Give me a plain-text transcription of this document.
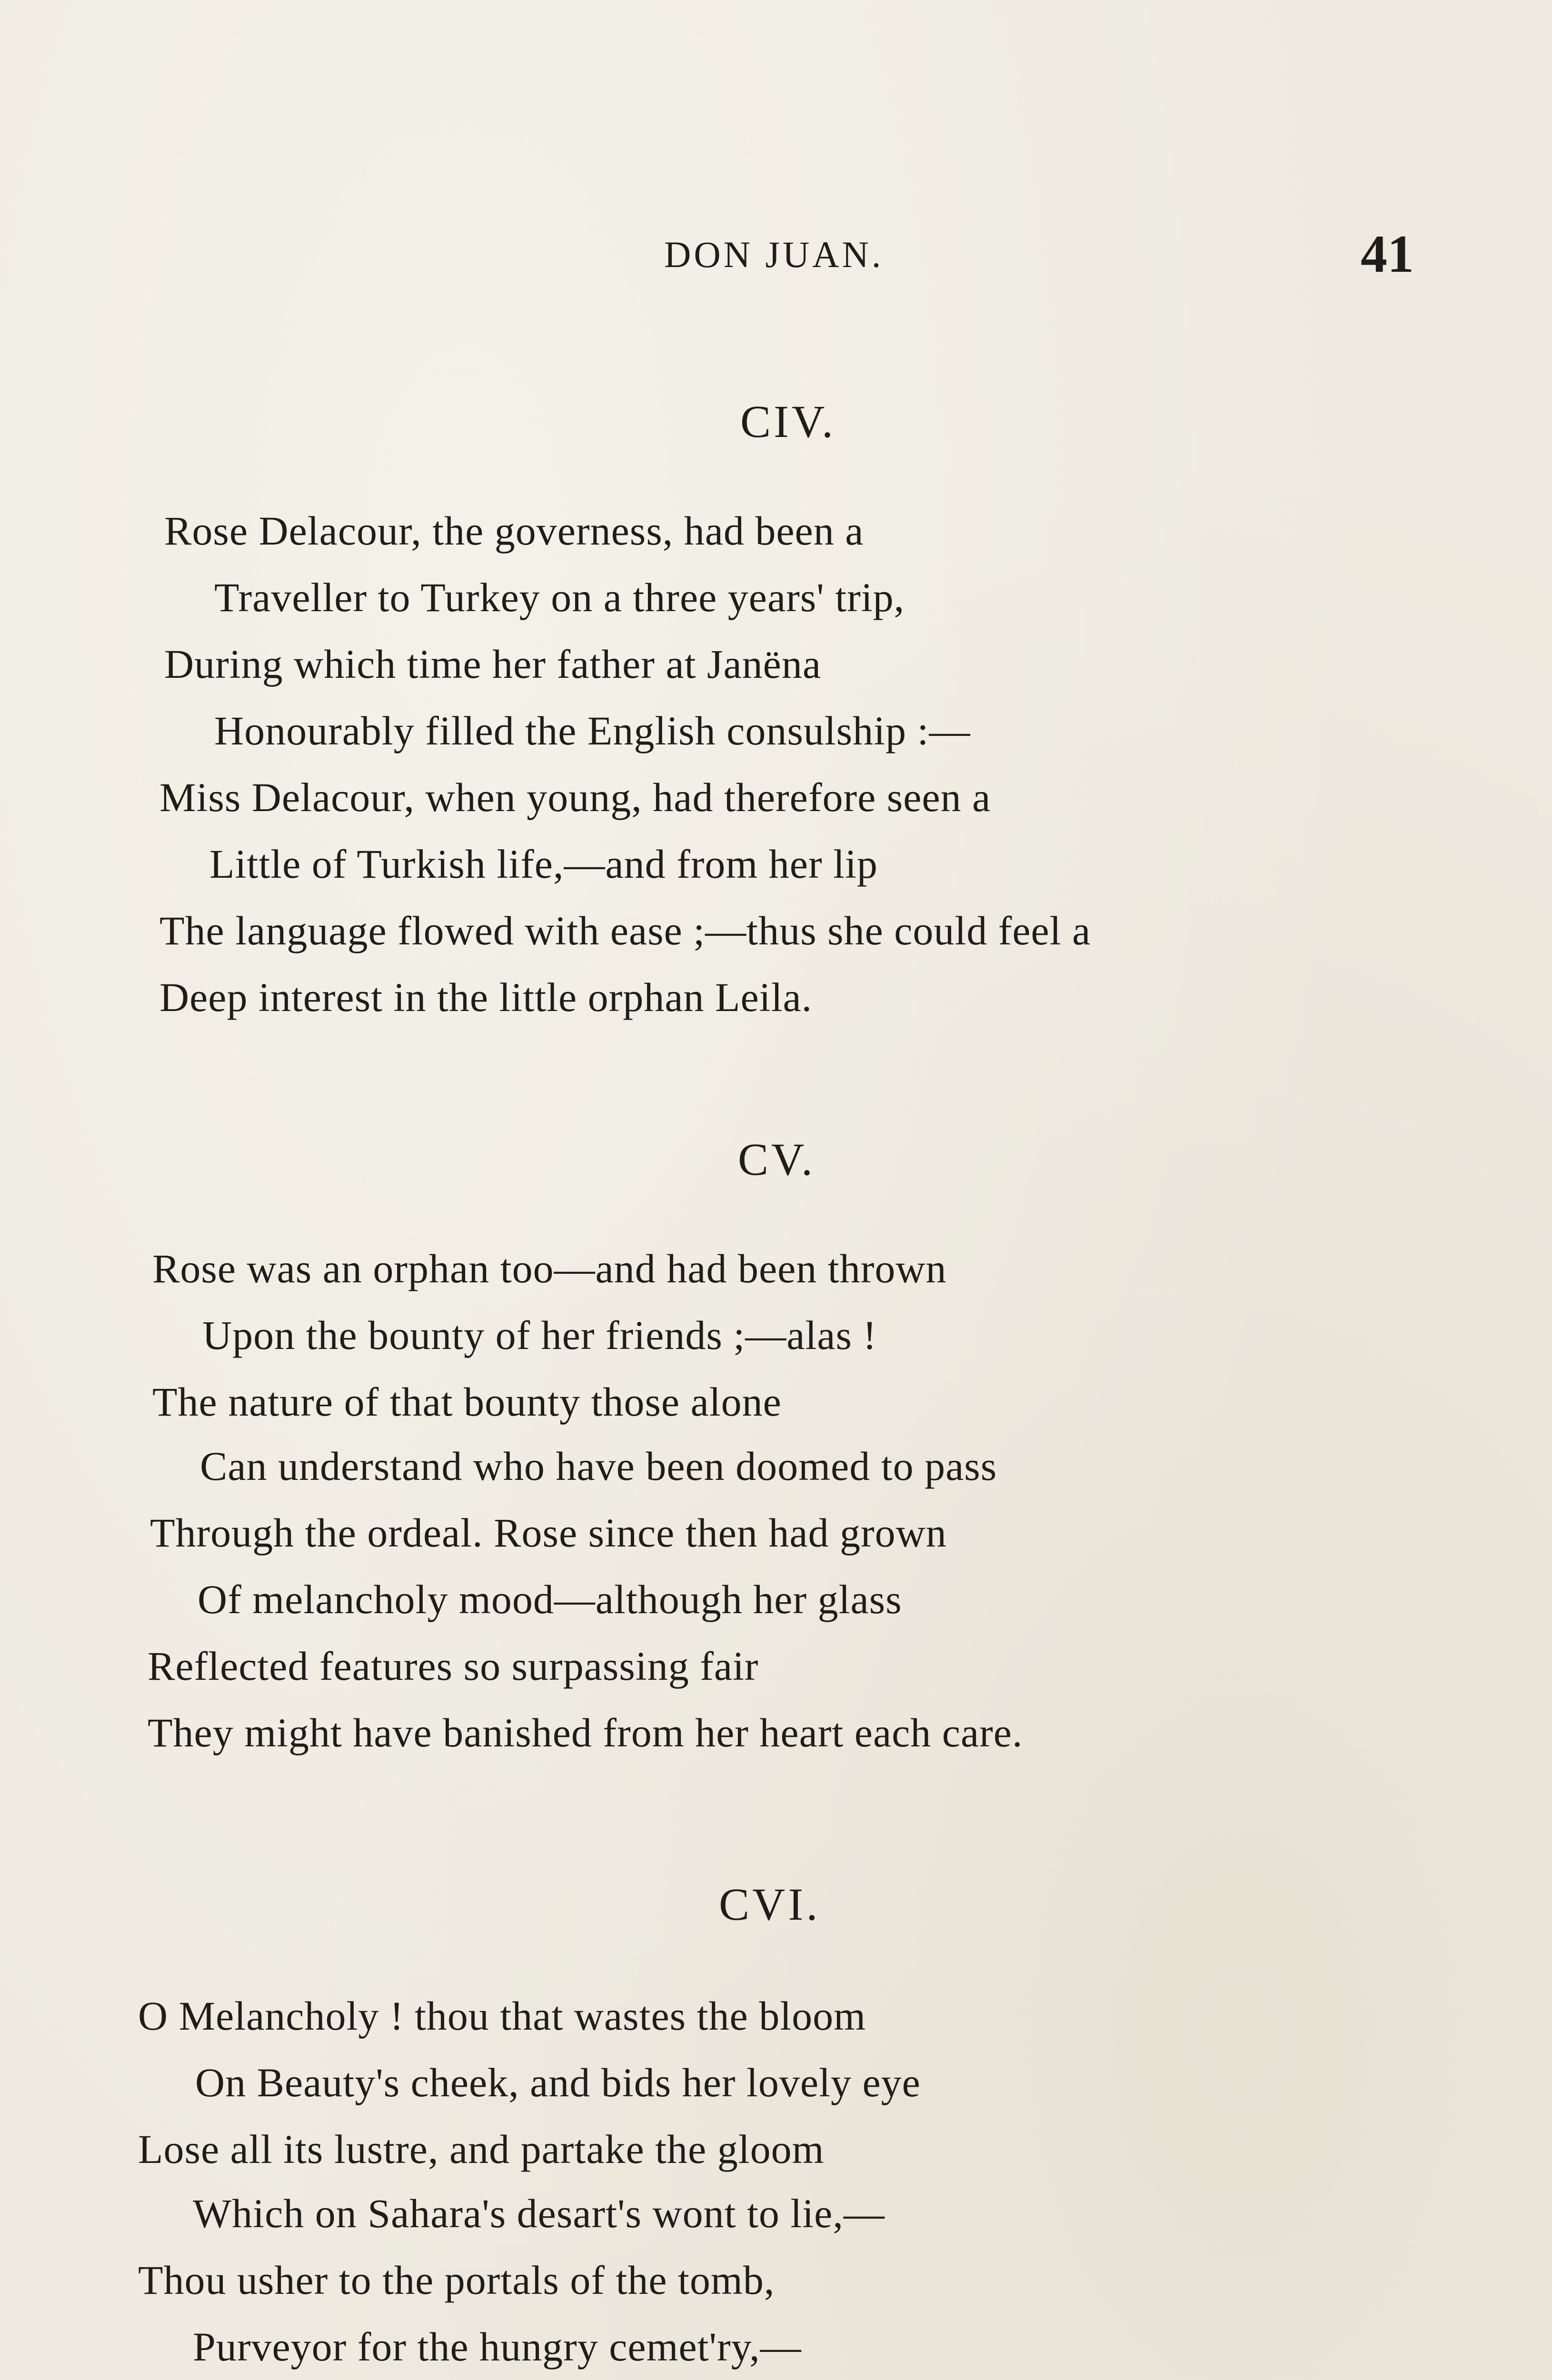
DON JUAN.	41
CIV.
Rose Delacour, the governess, had been a
Traveller to Turkey on a three years' trip,
During which time her father at Janëna
Honourably filled the English consulship :—
Miss Delacour, when young, had therefore seen a
Little of Turkish life,—and from her lip
The language flowed with ease ;—thus she could feel a
Deep interest in the little orphan Leila.
CV.
Rose was an orphan too—and had been thrown
Upon the bounty of her friends ;—alas !
The nature of that bounty those alone
Can understand who have been doomed to pass
Through the ordeal. Rose since then had grown
Of melancholy mood—although her glass
Reflected features so surpassing fair
They might have banished from her heart each care.
CVI.
O Melancholy ! thou that wastes the bloom
On Beauty's cheek, and bids her lovely eye
Lose all its lustre, and partake the gloom
Which on Sahara's desart's wont to lie,—
Thou usher to the portals of the tomb,
Purveyor for the hungry cemet'ry,—
